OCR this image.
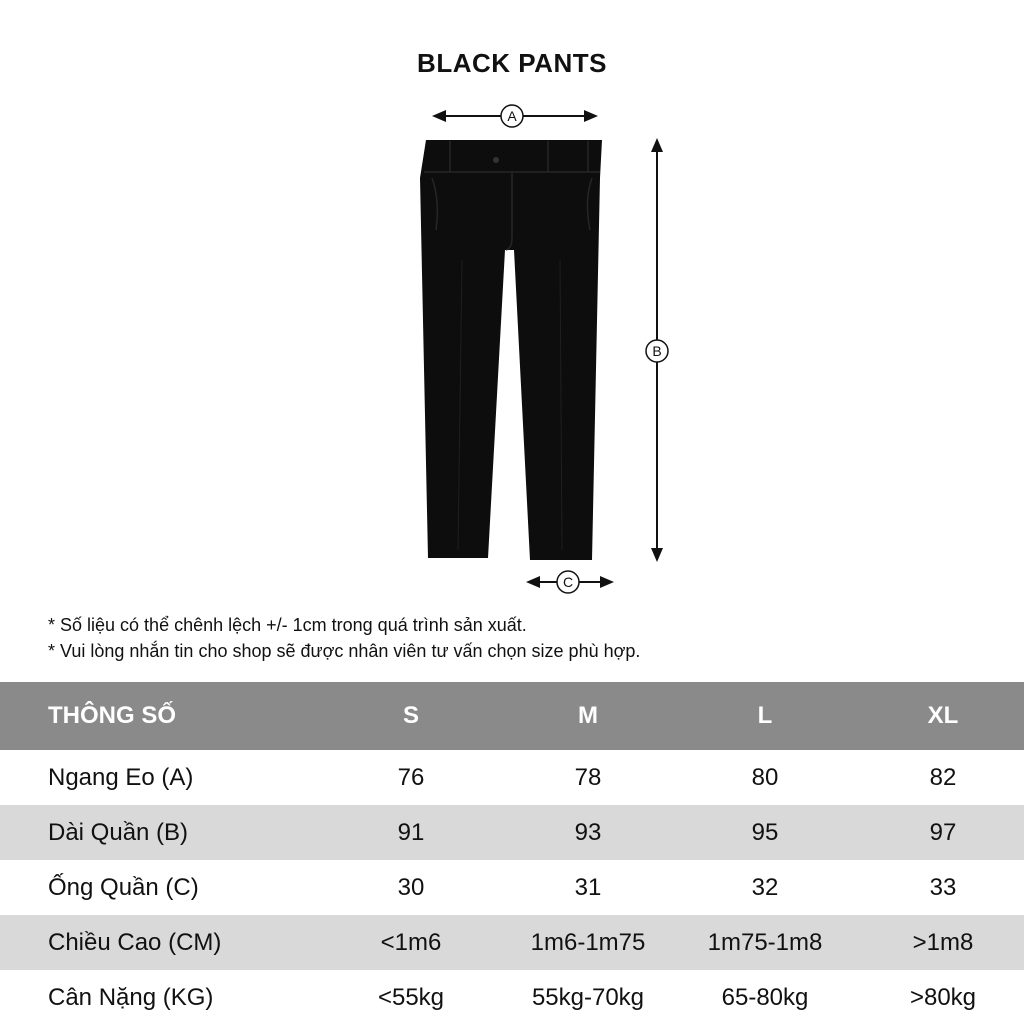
BLACK PANTS
A
B
C
* Số liệu có thể chênh lệch +/- 1cm trong quá trình sản xuất.
* Vui lòng nhắn tin cho shop sẽ được nhân viên tư vấn chọn size phù hợp.
THÔNG SỐ	S	M	L	XL
Ngang Eo (A)	76	78	80	82
Dài Quần (B)	91	93	95	97
Ống Quần (C)	30	31	32	33
Chiều Cao (CM)	<1m6	1m6-1m75	1m75-1m8	>1m8
Cân Nặng (KG)	<55kg	55kg-70kg	65-80kg	>80kg
